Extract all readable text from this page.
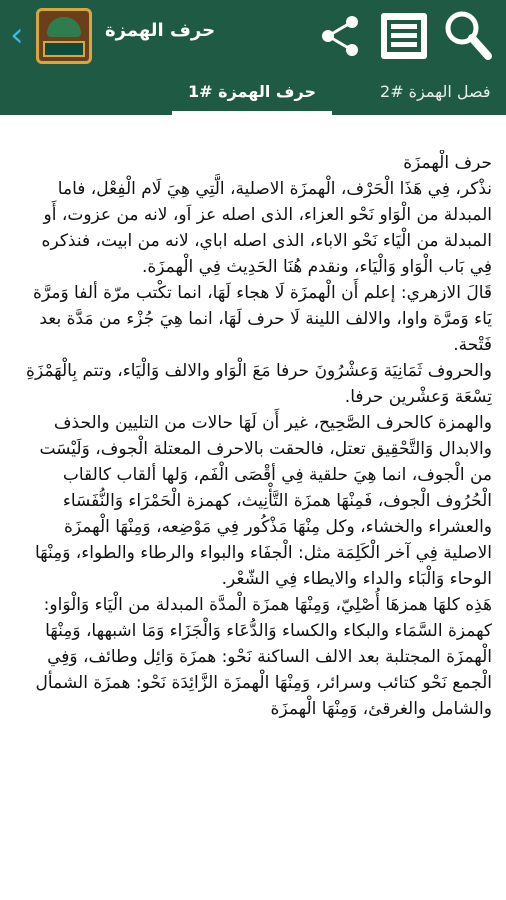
‹	حرف الهمزة
حرف الهمزة #1	فصل الهمزة #2

حرف الْهمزَة

نذْكر، فِي هَذَا الْحَرْف، الْهمزَة الاصلية، الَّتِي هِيَ لَام الْفِعْل، فاما المبدلة من الْوَاو نَحْو العزاء، الذى اصله عز اَو، لانه من عزوت، أَو المبدلة من الْيَاء نَحْو الاباء، الذى اصله اباي، لانه من ابيت، فنذكره فِي بَاب الْوَاو وَالْيَاء، ونقدم هُنَا الحَدِيث فِي الْهمزَة.

قَالَ الازهري: إعلم أَن الْهمزَة لَا هجاء لَهَا، انما تكْتب مرّة ألفا وَمرَّة يَاء وَمرَّة واوا، والالف اللينة لَا حرف لَهَا، انما هِيَ جُزْء من مَدَّة بعد فَتْحة.

والحروف ثَمَانِيَة وَعشْرُونَ حرفا مَعَ الْوَاو والالف وَالْيَاء، وتتم بِالْهَمْزَةِ تِسْعَة وَعشْرين حرفا.

والهمزة كالحرف الصَّحِيح، غير أَن لَهَا حالات من التليين والحذف والابدال وَالتَّحْقِيق تعتل، فالحقت بالاحرف المعتلة الْجوف، وَلَيْسَت من الْجوف، انما هِيَ حلقية فِي أقْصَى الْفَم، وَلها ألقاب كالقاب الْحُرُوف الْجوف، فَمِنْهَا همزَة التَّأْنِيث، كهمزة الْحَمْرَاء وَالنُّفَسَاء والعشراء والخشاء، وكل مِنْهَا مَذْكُور فِي مَوْضِعه، وَمِنْهَا الْهمزَة الاصلية فِي آخر الْكَلِمَة مثل: الْجفَاء والبواء والرطاء والطواء، وَمِنْهَا الوحاء وَالْبَاء والداء والايطاء فِي الشّعْر.

هَذِه كلهَا همزهَا أُصْلِيّ، وَمِنْهَا همزَة الْمدَّة المبدلة من الْيَاء وَالْوَاو: كهمزة السَّمَاء والبكاء والكساء وَالدُّعَاء وَالْجَزَاء وَمَا اشبهها، وَمِنْهَا الْهمزَة المجتلبة بعد الالف الساكنة نَحْو: همزَة وَائِل وطائف، وَفِي الْجمع نَحْو كتائب وسرائر، وَمِنْهَا الْهمزَة الزَّائِدَة نَحْو: همزَة الشمأل والشامل والغرقئ، وَمِنْهَا الْهمزَة
